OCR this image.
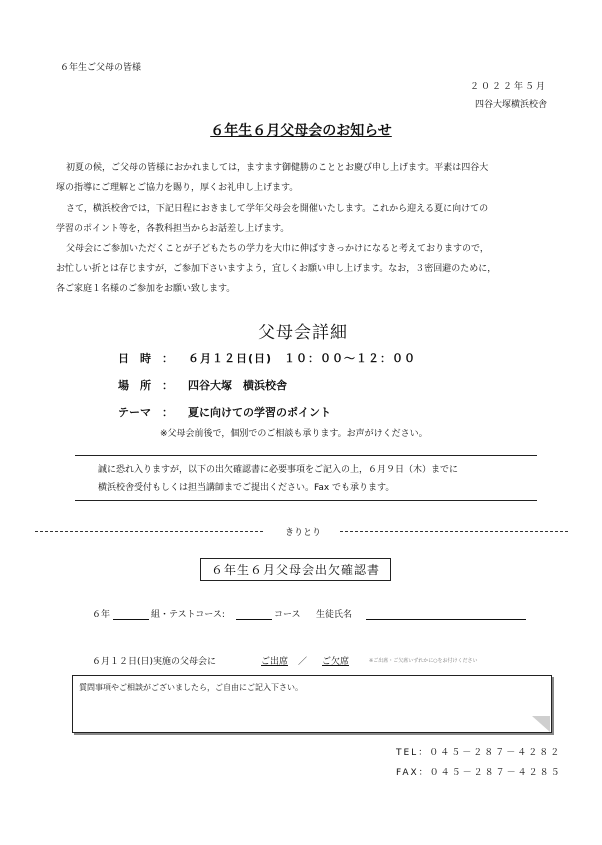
６年生ご父母の皆様
２０２２年５月
四谷大塚横浜校舎
６年生６月父母会のお知らせ
初夏の候，ご父母の皆様におかれましては，ますます御健勝のこととお慶び申し上げます。平素は四谷大
塚の指導にご理解とご協力を賜り，厚くお礼申し上げます。
さて，横浜校舎では，下記日程におきまして学年父母会を開催いたします。これから迎える夏に向けての
学習のポイント等を，各教科担当からお話差し上げます。
父母会にご参加いただくことが子どもたちの学力を大巾に伸ばすきっかけになると考えておりますので，
お忙しい折とは存じますが，ご参加下さいますよう，宜しくお願い申し上げます。なお，３密回避のために，
各ご家庭１名様のご参加をお願い致します。
父母会詳細
日　時　： ６月１２日(日)　１０：００～１２：００
場　所　： 四谷大塚　横浜校舎
テーマ　： 夏に向けての学習のポイント
※父母会前後で，個別でのご相談も承ります。お声がけください。
誠に恐れ入りますが，以下の出欠確認書に必要事項をご記入の上，６月９日（木）までに
横浜校舎受付もしくは担当講師までご提出ください。Fax でも承ります。
きりとり
６年生６月父母会出欠確認書
６年	組・テストコース:	コース 生徒氏名
６月１２日(日)実施の父母会に	ご出席 ／ ご欠席	※ご出席・ご欠席いずれかに○をお付けください
質問事項やご相談がございましたら，ご自由にご記入下さい。
TEL：０４５－２８７－４２８２
FAX：０４５－２８７－４２８５
